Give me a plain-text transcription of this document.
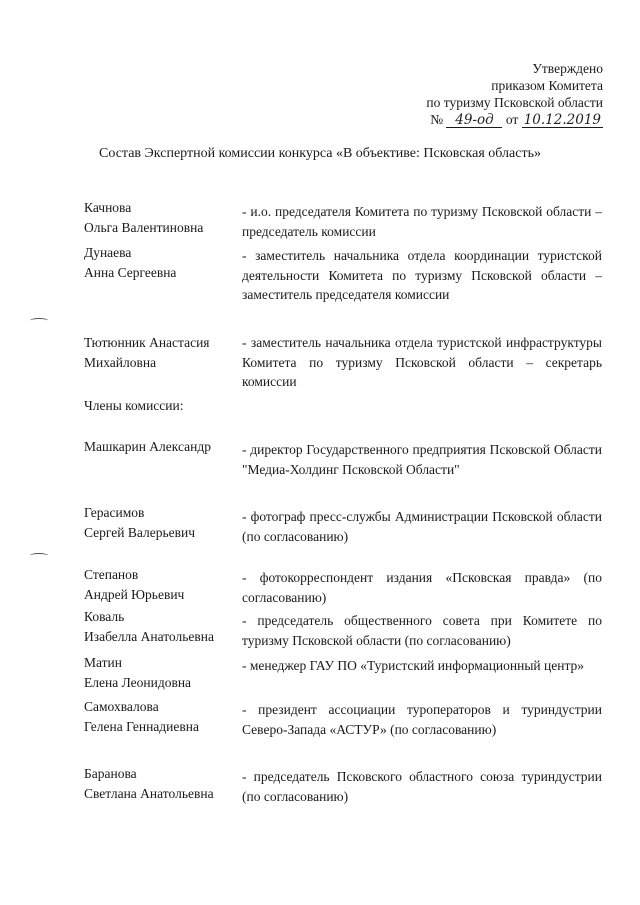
Утверждено
приказом Комитета
по туризму Псковской области
№ 49-од от 10.12.2019
Состав Экспертной комиссии конкурса «В объективе: Псковская область»
Качнова
Ольга Валентиновна
- и.о. председателя Комитета по туризму Псковской области – председатель комиссии
Дунаева
Анна Сергеевна
- заместитель начальника отдела координации туристской деятельности Комитета по туризму Псковской области – заместитель председателя комиссии
Тютюнник Анастасия
Михайловна
- заместитель начальника отдела туристской инфраструктуры Комитета по туризму Псковской области – секретарь комиссии
Члены комиссии:
Машкарин Александр	- директор Государственного предприятия Псковской Области "Медиа-Холдинг Псковской Области"
Герасимов
Сергей Валерьевич
- фотограф пресс-службы Администрации Псковской области (по согласованию)
Степанов
Андрей Юрьевич
- фотокорреспондент издания «Псковская правда» (по согласованию)
Коваль
Изабелла Анатольевна
- председатель общественного совета при Комитете по туризму Псковской области (по согласованию)
Матин
Елена Леонидовна
- менеджер ГАУ ПО «Туристский информационный центр»
Самохвалова
Гелена Геннадиевна
- президент ассоциации туроператоров и туриндустрии Северо-Запада «АСТУР» (по согласованию)
Баранова
Светлана Анатольевна
- председатель Псковского областного союза туриндустрии (по согласованию)
